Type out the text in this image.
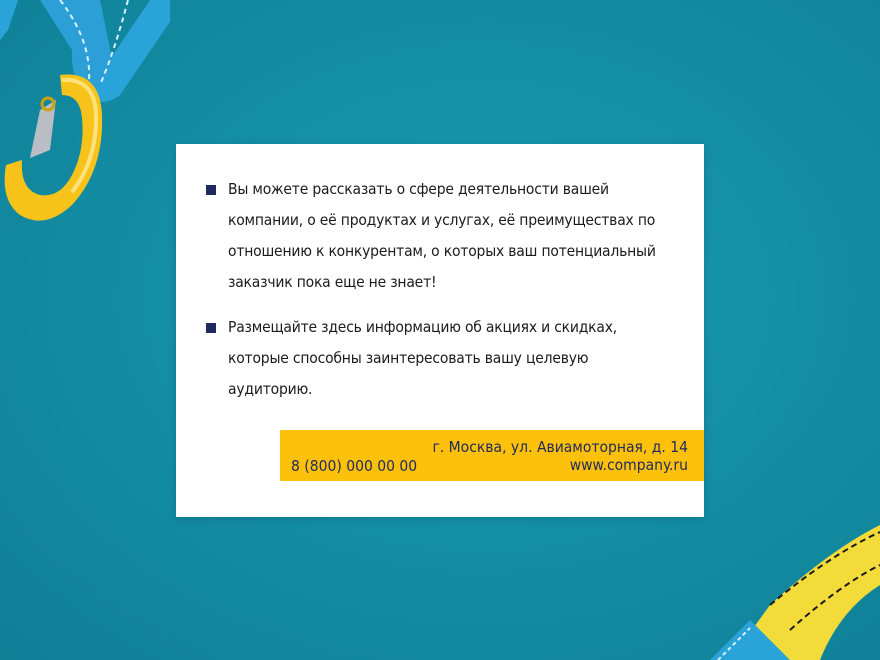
Вы можете рассказать о сфере деятельности вашей
компании, о её продуктах и услугах, её преимуществах по
отношению к конкурентам, о которых ваш потенциальный
заказчик пока еще не знает!
Размещайте здесь информацию об акциях и скидках,
которые способны заинтересовать вашу целевую аудиторию.
8 (800) 000 00 00
г. Москва, ул. Авиамоторная, д. 14
www.company.ru
